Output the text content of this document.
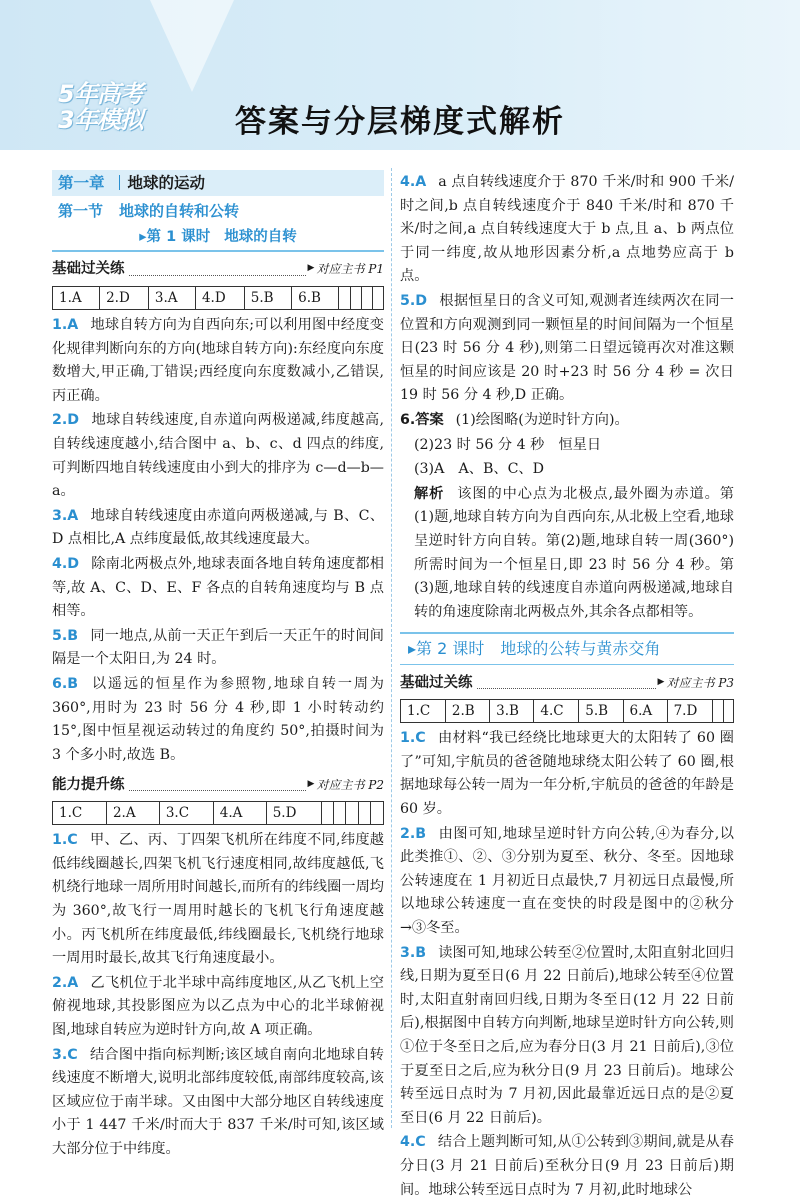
5年高考
3年模拟	答案与分层梯度式解析
第一章 地球的运动
第一节 地球的自转和公转
▸第 1 课时 地球的自转
基础过关练	▶ 对应主书 P1
1.A	2.D	3.A	4.D	5.B	6.B				
1.A 地球自转方向为自西向东;可以利用图中经度变化规律判断向东的方向(地球自转方向):东经度向东度数增大,甲正确,丁错误;西经度向东度数减小,乙错误,丙正确。
2.D 地球自转线速度,自赤道向两极递减,纬度越高,自转线速度越小,结合图中 a、b、c、d 四点的纬度,可判断四地自转线速度由小到大的排序为 c—d—b—a。
3.A 地球自转线速度由赤道向两极递减,与 B、C、D 点相比,A 点纬度最低,故其线速度最大。
4.D 除南北两极点外,地球表面各地自转角速度都相等,故 A、C、D、E、F 各点的自转角速度均与 B 点相等。
5.B 同一地点,从前一天正午到后一天正午的时间间隔是一个太阳日,为 24 时。
6.B 以遥远的恒星作为参照物,地球自转一周为 360°,用时为 23 时 56 分 4 秒,即 1 小时转动约 15°,图中恒星视运动转过的角度约 50°,拍摄时间为 3 个多小时,故选 B。
能力提升练	▶ 对应主书 P2
1.C	2.A	3.C	4.A	5.D					
1.C 甲、乙、丙、丁四架飞机所在纬度不同,纬度越低纬线圈越长,四架飞机飞行速度相同,故纬度越低,飞机绕行地球一周所用时间越长,而所有的纬线圈一周均为 360°,故飞行一周用时越长的飞机飞行角速度越小。丙飞机所在纬度最低,纬线圈最长,飞机绕行地球一周用时最长,故其飞行角速度最小。
2.A 乙飞机位于北半球中高纬度地区,从乙飞机上空俯视地球,其投影图应为以乙点为中心的北半球俯视图,地球自转应为逆时针方向,故 A 项正确。
3.C 结合图中指向标判断;该区域自南向北地球自转线速度不断增大,说明北部纬度较低,南部纬度较高,该区域应位于南半球。又由图中大部分地区自转线速度小于 1 447 千米/时而大于 837 千米/时可知,该区域大部分位于中纬度。
4.A a 点自转线速度介于 870 千米/时和 900 千米/时之间,b 点自转线速度介于 840 千米/时和 870 千米/时之间,a 点自转线速度大于 b 点,且 a、b 两点位于同一纬度,故从地形因素分析,a 点地势应高于 b 点。
5.D 根据恒星日的含义可知,观测者连续两次在同一位置和方向观测到同一颗恒星的时间间隔为一个恒星日(23 时 56 分 4 秒),则第二日望远镜再次对准这颗恒星的时间应该是 20 时+23 时 56 分 4 秒 = 次日 19 时 56 分 4 秒,D 正确。
6.答案 (1)绘图略(为逆时针方向)。
(2)23 时 56 分 4 秒　恒星日
(3)A　A、B、C、D
解析 该图的中心点为北极点,最外圈为赤道。第(1)题,地球自转方向为自西向东,从北极上空看,地球呈逆时针方向自转。第(2)题,地球自转一周(360°)所需时间为一个恒星日,即 23 时 56 分 4 秒。第(3)题,地球自转的线速度自赤道向两极递减,地球自转的角速度除南北两极点外,其余各点都相等。
▸第 2 课时 地球的公转与黄赤交角
基础过关练	▶ 对应主书 P3
1.C	2.B	3.B	4.C	5.B	6.A	7.D		
1.C 由材料“我已经绕比地球更大的太阳转了 60 圈了”可知,宇航员的爸爸随地球绕太阳公转了 60 圈,根据地球每公转一周为一年分析,宇航员的爸爸的年龄是 60 岁。
2.B 由图可知,地球呈逆时针方向公转,④为春分,以此类推①、②、③分别为夏至、秋分、冬至。因地球公转速度在 1 月初近日点最快,7 月初远日点最慢,所以地球公转速度一直在变快的时段是图中的②秋分→③冬至。
3.B 读图可知,地球公转至②位置时,太阳直射北回归线,日期为夏至日(6 月 22 日前后),地球公转至④位置时,太阳直射南回归线,日期为冬至日(12 月 22 日前后),根据图中自转方向判断,地球呈逆时针方向公转,则①位于冬至日之后,应为春分日(3 月 21 日前后),③位于夏至日之后,应为秋分日(9 月 23 日前后)。地球公转至远日点时为 7 月初,因此最靠近远日点的是②夏至日(6 月 22 日前后)。
4.C 结合上题判断可知,从①公转到③期间,就是从春分日(3 月 21 日前后)至秋分日(9 月 23 日前后)期间。地球公转至远日点时为 7 月初,此时地球公
